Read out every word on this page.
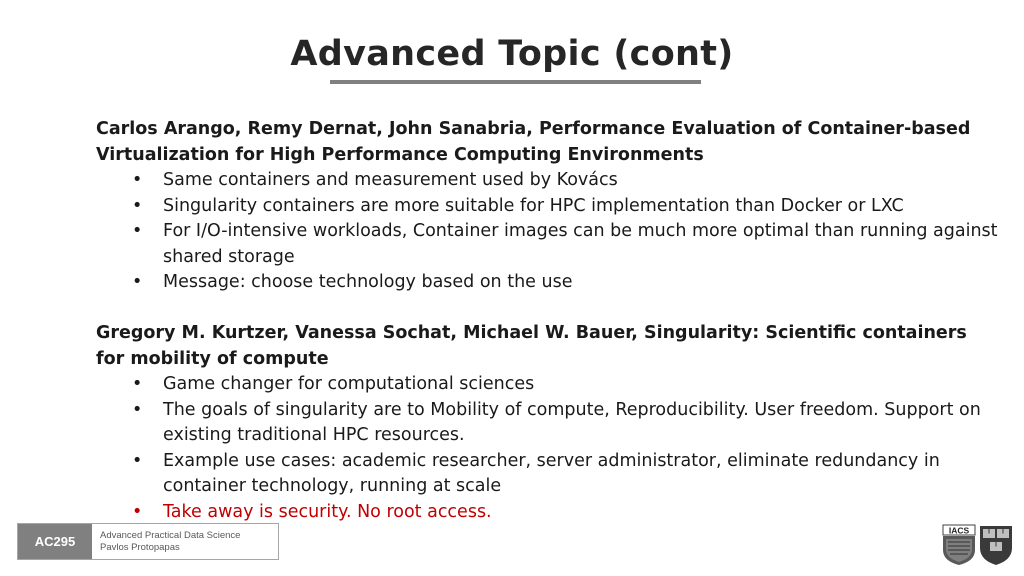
Advanced Topic (cont)
Carlos Arango, Remy Dernat, John Sanabria, Performance Evaluation of Container-based
Virtualization for High Performance Computing Environments
• Same containers and measurement used by Kovács
• Singularity containers are more suitable for HPC implementation than Docker or LXC
• For I/O-intensive workloads, Container images can be much more optimal than running against shared storage
• Message: choose technology based on the use
Gregory M. Kurtzer, Vanessa Sochat, Michael W. Bauer, Singularity: Scientific containers
for mobility of compute
• Game changer for computational sciences
• The goals of singularity are to Mobility of compute, Reproducibility. User freedom. Support on existing traditional HPC resources.
• Example use cases: academic researcher, server administrator, eliminate redundancy in container technology, running at scale
• Take away is security. No root access.
AC295	Advanced Practical Data Science
Pavlos Protopapas
IACS
